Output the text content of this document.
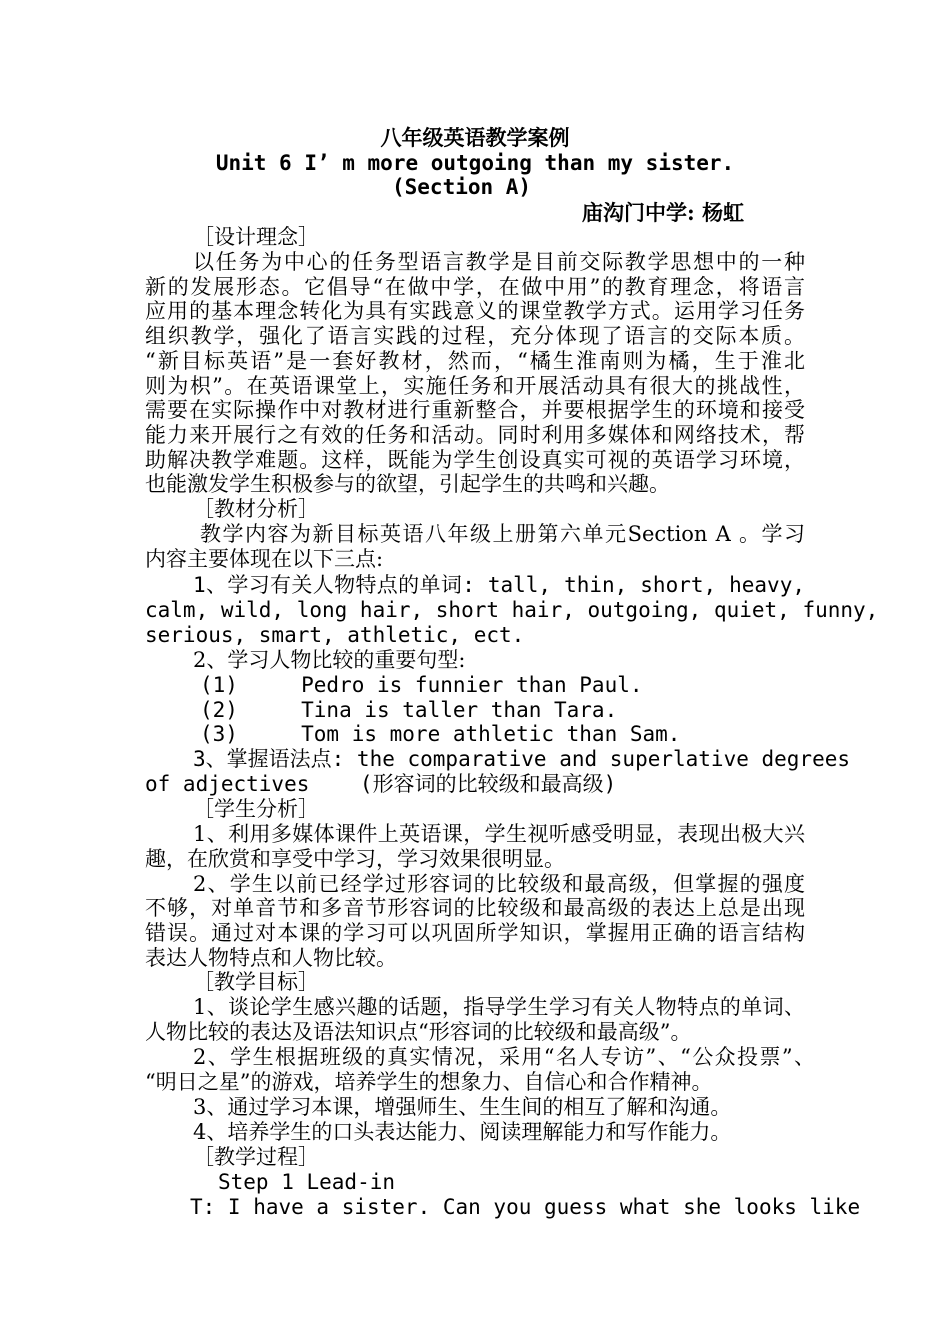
八年级英语教学案例
Unit 6 I’ m more outgoing than my sister.
(Section A)
庙沟门中学: 杨虹
［设计理念］
以任务为中心的任务型语言教学是目前交际教学思想中的一种
新的发展形态。它倡导“在做中学，在做中用”的教育理念，将语言
应用的基本理念转化为具有实践意义的课堂教学方式。运用学习任务
组织教学，强化了语言实践的过程，充分体现了语言的交际本质。
“新目标英语”是一套好教材，然而，“橘生淮南则为橘，生于淮北
则为枳”。在英语课堂上，实施任务和开展活动具有很大的挑战性，
需要在实际操作中对教材进行重新整合，并要根据学生的环境和接受
能力来开展行之有效的任务和活动。同时利用多媒体和网络技术，帮
助解决教学难题。这样，既能为学生创设真实可视的英语学习环境，
也能激发学生积极参与的欲望，引起学生的共鸣和兴趣。
［教材分析］
教学内容为新目标英语八年级上册第六单元Section A 。学习
内容主要体现在以下三点:
1、学习有关人物特点的单词: tall, thin, short, heavy,
calm, wild, long hair, short hair, outgoing, quiet, funny,
serious, smart, athletic, ect.
2、学习人物比较的重要句型:
(1)     Pedro is funnier than Paul.
(2)     Tina is taller than Tara.
(3)     Tom is more athletic than Sam.
3、掌握语法点: the comparative and superlative degrees
of adjectives    (形容词的比较级和最高级)
［学生分析］
1、利用多媒体课件上英语课，学生视听感受明显，表现出极大兴
趣，在欣赏和享受中学习，学习效果很明显。
2、学生以前已经学过形容词的比较级和最高级，但掌握的强度
不够，对单音节和多音节形容词的比较级和最高级的表达上总是出现
错误。通过对本课的学习可以巩固所学知识，掌握用正确的语言结构
表达人物特点和人物比较。
［教学目标］
1、谈论学生感兴趣的话题，指导学生学习有关人物特点的单词、
人物比较的表达及语法知识点“形容词的比较级和最高级”。
2、学生根据班级的真实情况，采用“名人专访”、“公众投票”、
“明日之星”的游戏，培养学生的想象力、自信心和合作精神。
3、通过学习本课，增强师生、生生间的相互了解和沟通。
4、培养学生的口头表达能力、阅读理解能力和写作能力。
［教学过程］
Step 1 Lead-in
T: I have a sister. Can you guess what she looks like
